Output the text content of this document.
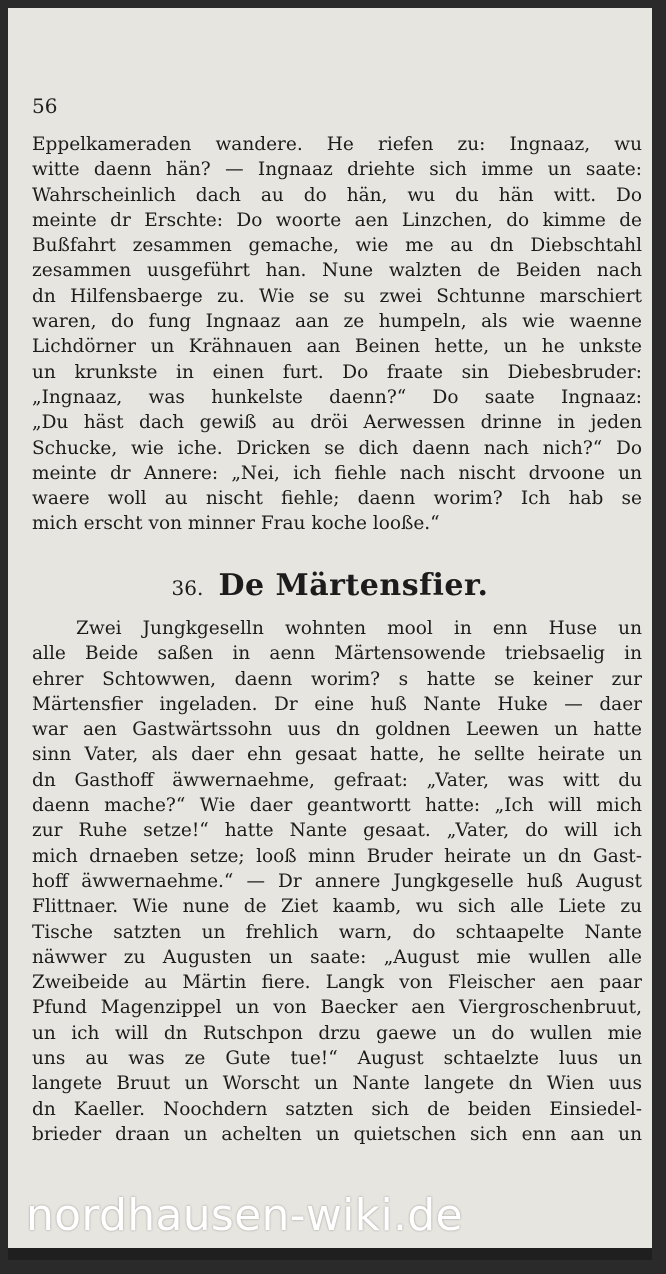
56
Eppelkameraden wandere. He riefen zu: Ingnaaz, wu
witte daenn hän? — Ingnaaz driehte sich imme un saate:
Wahrscheinlich dach au do hän, wu du hän witt. Do
meinte dr Erschte: Do woorte aen Linzchen, do kimme de
Bußfahrt zesammen gemache, wie me au dn Diebschtahl
zesammen uusgeführt han. Nune walzten de Beiden nach
dn Hilfensbaerge zu. Wie se su zwei Schtunne marschiert
waren, do fung Ingnaaz aan ze humpeln, als wie waenne
Lichdörner un Krähnauen aan Beinen hette, un he unkste
un krunkste in einen furt. Do fraate sin Diebesbruder:
„Ingnaaz, was hunkelste daenn?“ Do saate Ingnaaz:
„Du häst dach gewiß au dröi Aerwessen drinne in jeden
Schucke, wie iche. Dricken se dich daenn nach nich?“ Do
meinte dr Annere: „Nei, ich fiehle nach nischt drvoone un
waere woll au nischt fiehle; daenn worim? Ich hab se
mich erscht von minner Frau koche looße.“
36. De Märtensfier.
Zwei Jungkgeselln wohnten mool in enn Huse un
alle Beide saßen in aenn Märtensowende triebsaelig in
ehrer Schtowwen, daenn worim? s hatte se keiner zur
Märtensfier ingeladen. Dr eine huß Nante Huke — daer
war aen Gastwärtssohn uus dn goldnen Leewen un hatte
sinn Vater, als daer ehn gesaat hatte, he sellte heirate un
dn Gasthoff äwwernaehme, gefraat: „Vater, was witt du
daenn mache?“ Wie daer geantwortt hatte: „Ich will mich
zur Ruhe setze!“ hatte Nante gesaat. „Vater, do will ich
mich drnaeben setze; looß minn Bruder heirate un dn Gast-
hoff äwwernaehme.“ — Dr annere Jungkgeselle huß August
Flittnaer. Wie nune de Ziet kaamb, wu sich alle Liete zu
Tische satzten un frehlich warn, do schtaapelte Nante
näwwer zu Augusten un saate: „August mie wullen alle
Zweibeide au Märtin fiere. Langk von Fleischer aen paar
Pfund Magenzippel un von Baecker aen Viergroschenbruut,
un ich will dn Rutschpon drzu gaewe un do wullen mie
uns au was ze Gute tue!“ August schtaelzte luus un
langete Bruut un Worscht un Nante langete dn Wien uus
dn Kaeller. Noochdern satzten sich de beiden Einsiedel-
brieder draan un achelten un quietschen sich enn aan un
nordhausen-wiki.de
